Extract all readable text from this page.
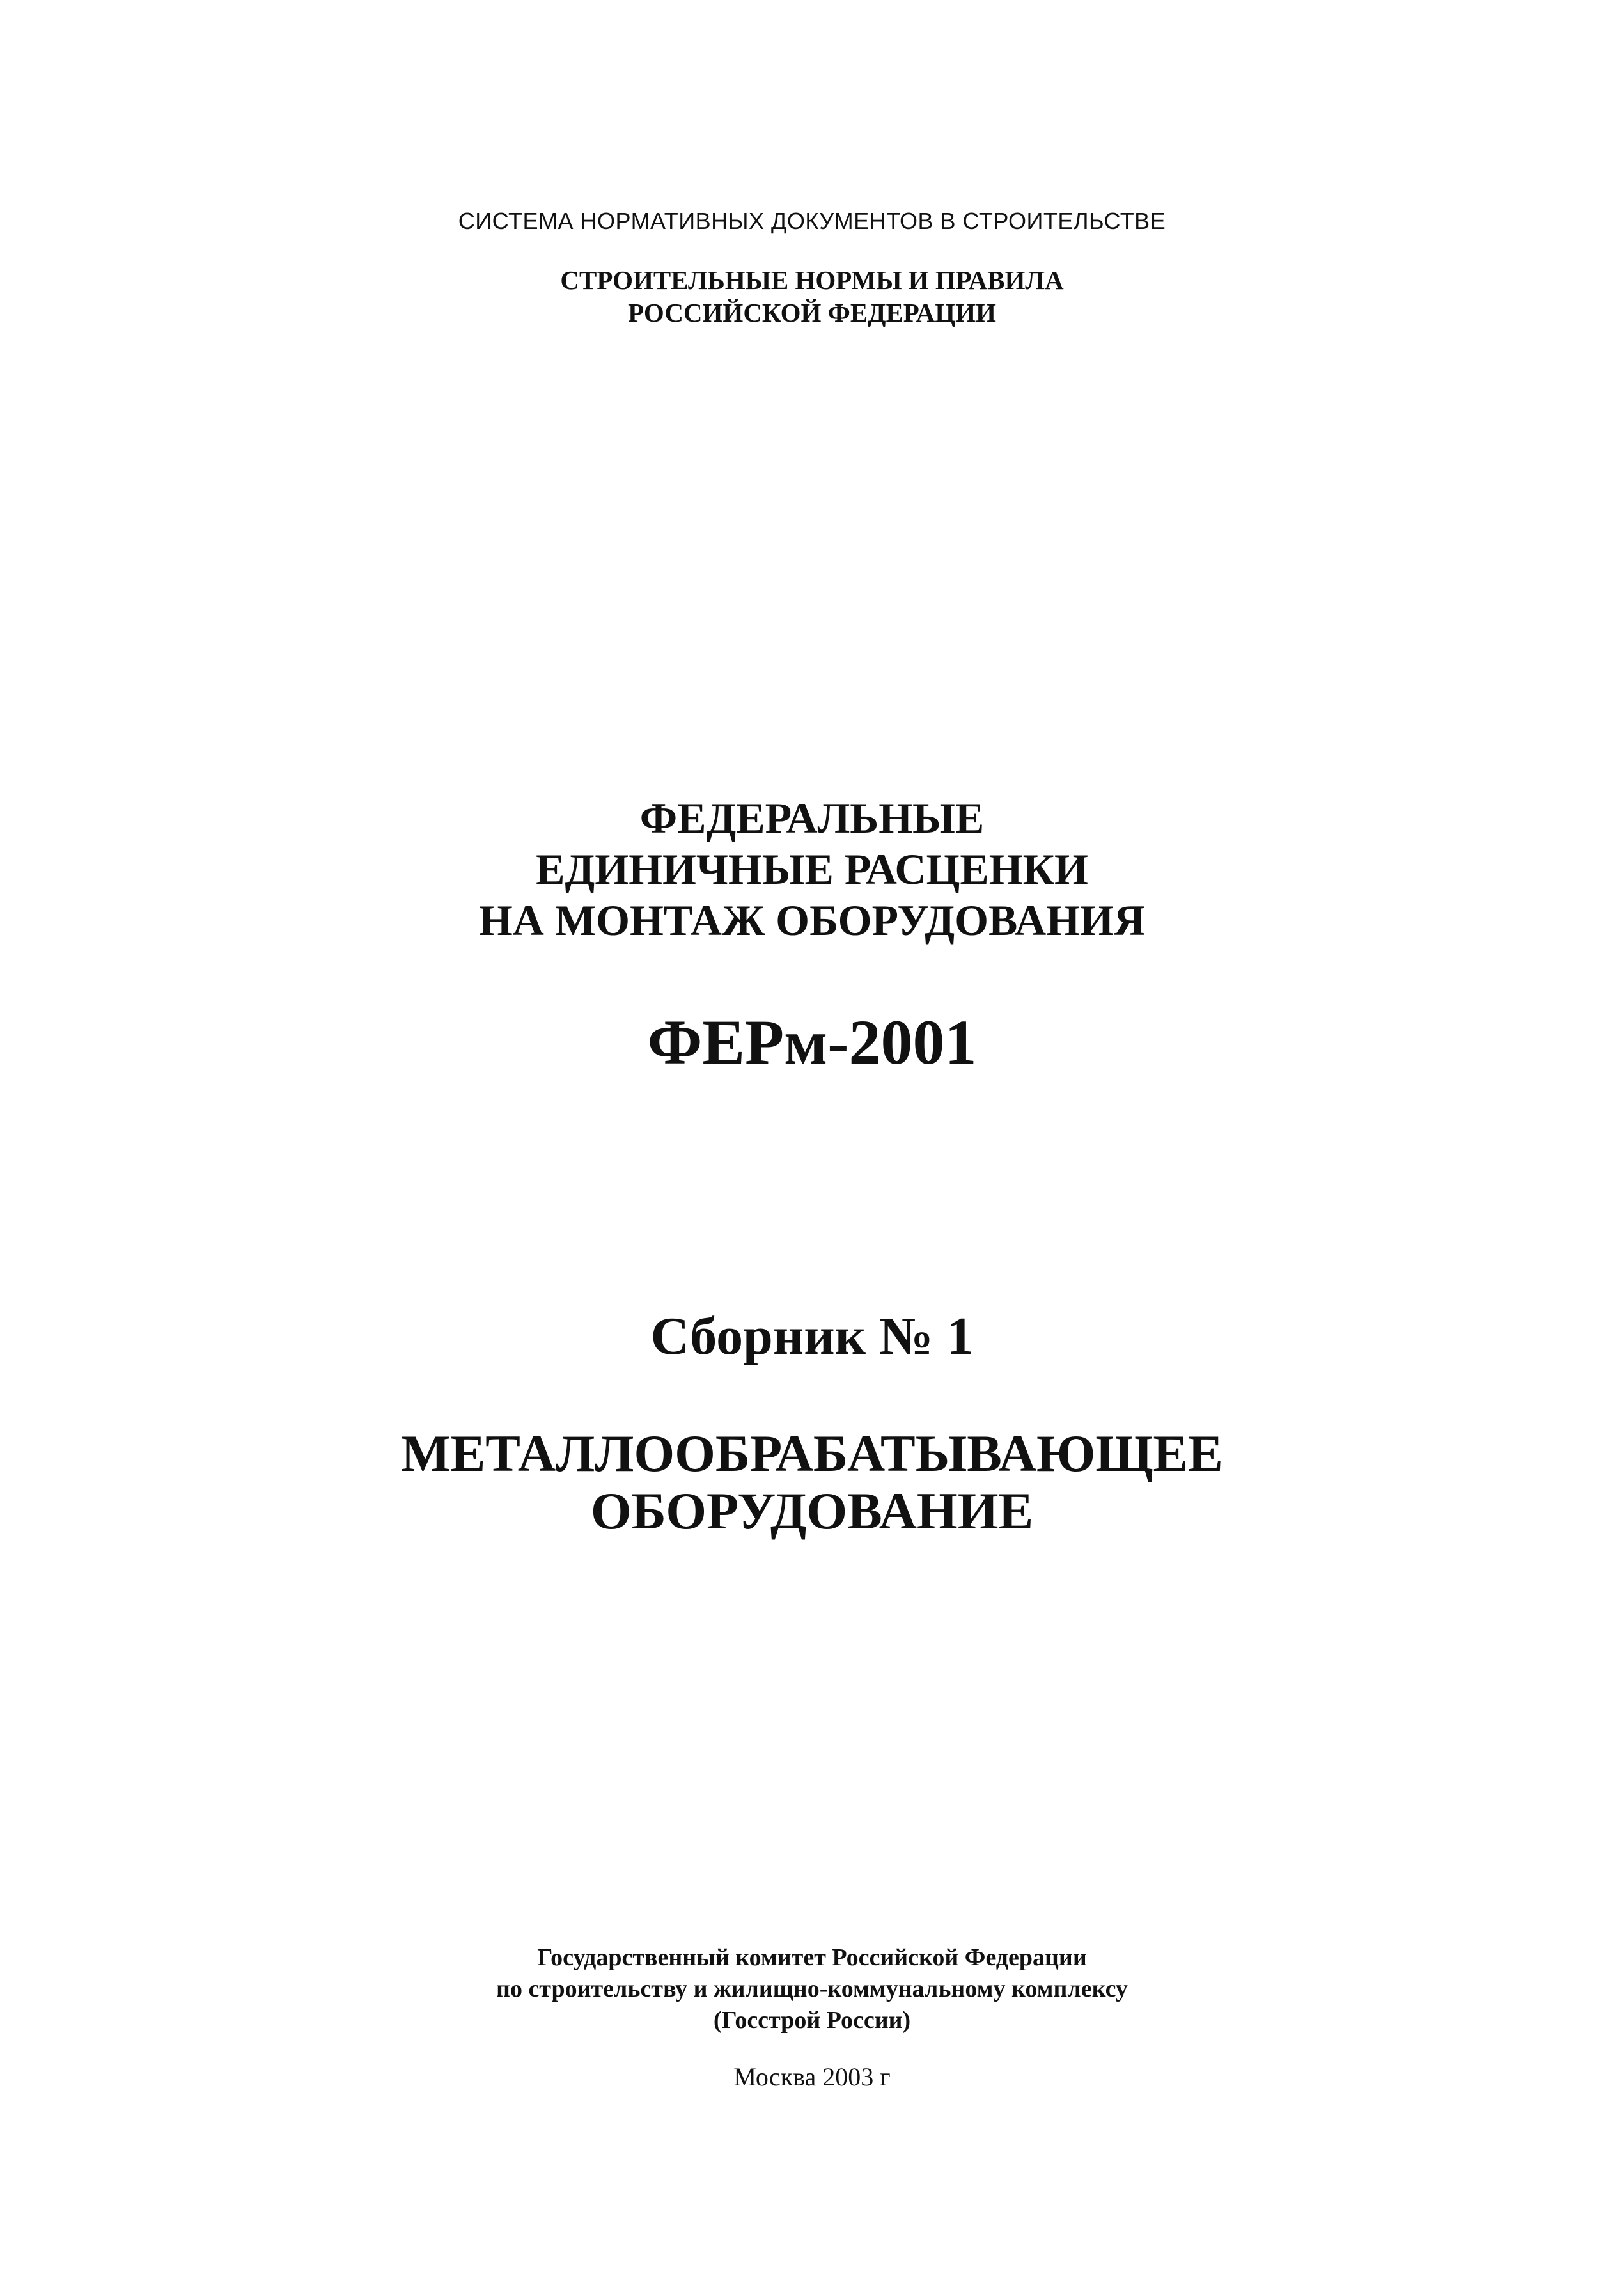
СИСТЕМА НОРМАТИВНЫХ ДОКУМЕНТОВ В СТРОИТЕЛЬСТВЕ
СТРОИТЕЛЬНЫЕ НОРМЫ И ПРАВИЛА
РОССИЙСКОЙ ФЕДЕРАЦИИ
ФЕДЕРАЛЬНЫЕ
ЕДИНИЧНЫЕ РАСЦЕНКИ
НА МОНТАЖ ОБОРУДОВАНИЯ
ФЕРм-2001
Сборник № 1
МЕТАЛЛООБРАБАТЫВАЮЩЕЕ
ОБОРУДОВАНИЕ
Государственный комитет Российской Федерации
по строительству и жилищно-коммунальному комплексу
(Госстрой России)
Москва 2003 г
